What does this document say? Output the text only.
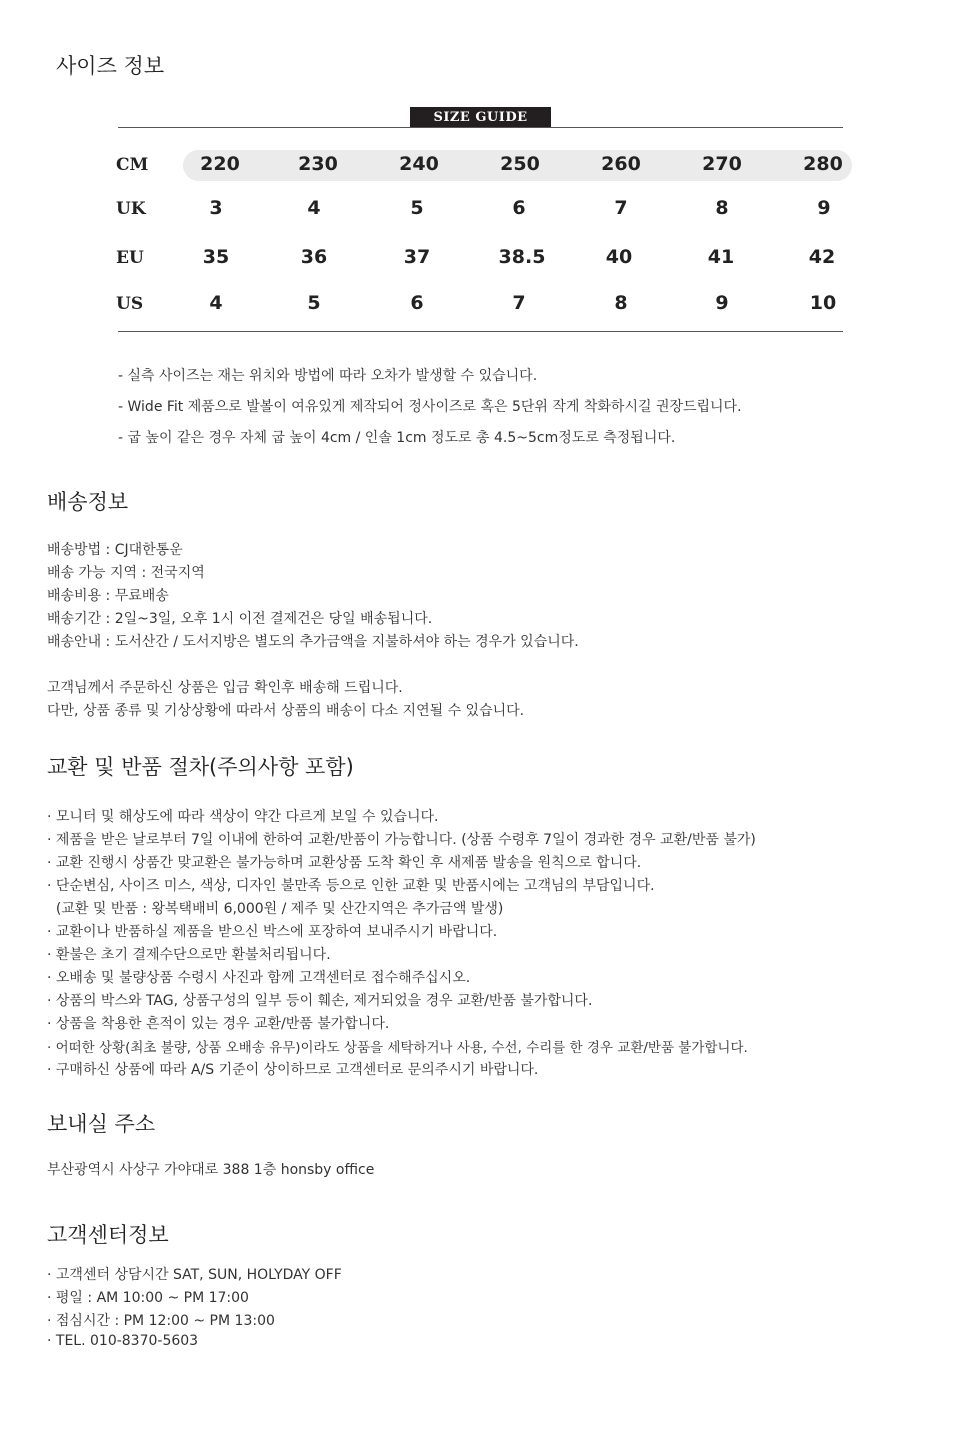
사이즈 정보
SIZE GUIDE
CM	220	230	240	250	260	270	280
UK	3	4	5	6	7	8	9
EU	35	36	37	38.5	40	41	42
US	4	5	6	7	8	9	10
- 실측 사이즈는 재는 위치와 방법에 따라 오차가 발생할 수 있습니다.
- Wide Fit 제품으로 발볼이 여유있게 제작되어 정사이즈로 혹은 5단위 작게 착화하시길 권장드립니다.
- 굽 높이 같은 경우 자체 굽 높이 4cm / 인솔 1cm 정도로 총 4.5~5cm정도로 측정됩니다.
배송정보
배송방법 : CJ대한통운
배송 가능 지역 : 전국지역
배송비용 : 무료배송
배송기간 : 2일~3일, 오후 1시 이전 결제건은 당일 배송됩니다.
배송안내 : 도서산간 / 도서지방은 별도의 추가금액을 지불하셔야 하는 경우가 있습니다.
고객님께서 주문하신 상품은 입금 확인후 배송해 드립니다.
다만, 상품 종류 및 기상상황에 따라서 상품의 배송이 다소 지연될 수 있습니다.
교환 및 반품 절차(주의사항 포함)
· 모니터 및 해상도에 따라 색상이 약간 다르게 보일 수 있습니다.
· 제품을 받은 날로부터 7일 이내에 한하여 교환/반품이 가능합니다. (상품 수령후 7일이 경과한 경우 교환/반품 불가)
· 교환 진행시 상품간 맞교환은 불가능하며 교환상품 도착 확인 후 새제품 발송을 원칙으로 합니다.
· 단순변심, 사이즈 미스, 색상, 디자인 불만족 등으로 인한 교환 및 반품시에는 고객님의 부담입니다.
(교환 및 반품 : 왕복택배비 6,000원 / 제주 및 산간지역은 추가금액 발생)
· 교환이나 반품하실 제품을 받으신 박스에 포장하여 보내주시기 바랍니다.
· 환불은 초기 결제수단으로만 환불처리됩니다.
· 오배송 및 불량상품 수령시 사진과 함께 고객센터로 접수해주십시오.
· 상품의 박스와 TAG, 상품구성의 일부 등이 훼손, 제거되었을 경우 교환/반품 불가합니다.
· 상품을 착용한 흔적이 있는 경우 교환/반품 불가합니다.
· 어떠한 상황(최초 불량, 상품 오배송 유무)이라도 상품을 세탁하거나 사용, 수선, 수리를 한 경우 교환/반품 불가합니다.
· 구매하신 상품에 따라 A/S 기준이 상이하므로 고객센터로 문의주시기 바랍니다.
보내실 주소
부산광역시 사상구 가야대로 388 1층 honsby office
고객센터정보
· 고객센터 상담시간 SAT, SUN, HOLYDAY OFF
· 평일 : AM 10:00 ~ PM 17:00
· 점심시간 : PM 12:00 ~ PM 13:00
· TEL. 010-8370-5603
